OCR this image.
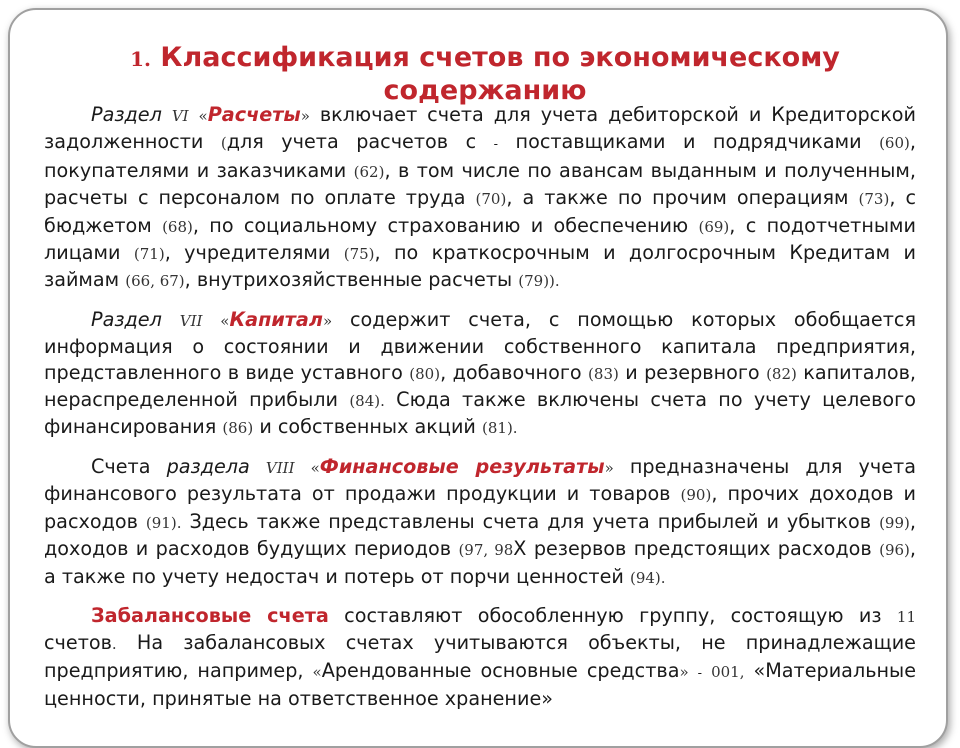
1. Классификация счетов по экономическому содержанию

Раздел VI «Расчеты» включает счета для учета дебиторской и Кредиторской задолженности (для учета расчетов с - поставщиками и подрядчиками (60), покупателями и заказчиками (62), в том числе по авансам выданным и полученным, расчеты с персоналом по оплате труда (70), а также по прочим операциям (73), с бюджетом (68), по социальному страхованию и обеспечению (69), с подотчетными лицами (71), учредителями (75), по краткосрочным и долгосрочным Кредитам и займам (66, 67), внутрихозяйственные расчеты (79)).

Раздел VII «Капитал» содержит счета, с помощью которых обобщается информация о состоянии и движении собственного капитала предприятия, представленного в виде уставного (80), добавочного (83) и резервного (82) капиталов, нераспределенной прибыли (84). Сюда также включены счета по учету целевого финансирования (86) и собственных акций (81).

Счета раздела VIII «Финансовые результаты» предназначены для учета финансового результата от продажи продукции и товаров (90), прочих доходов и расходов (91). Здесь также представлены счета для учета прибылей и убытков (99), доходов и расходов будущих периодов (97, 98Х резервов предстоящих расходов (96), а также по учету недостач и потерь от порчи ценностей (94).

Забалансовые счета составляют обособленную группу, состоящую из 11 счетов. На забалансовых счетах учитываются объекты, не принадлежащие предприятию, например, «Арендованные основные средства» - 001, «Материальные ценности, принятые на ответственное хранение»
